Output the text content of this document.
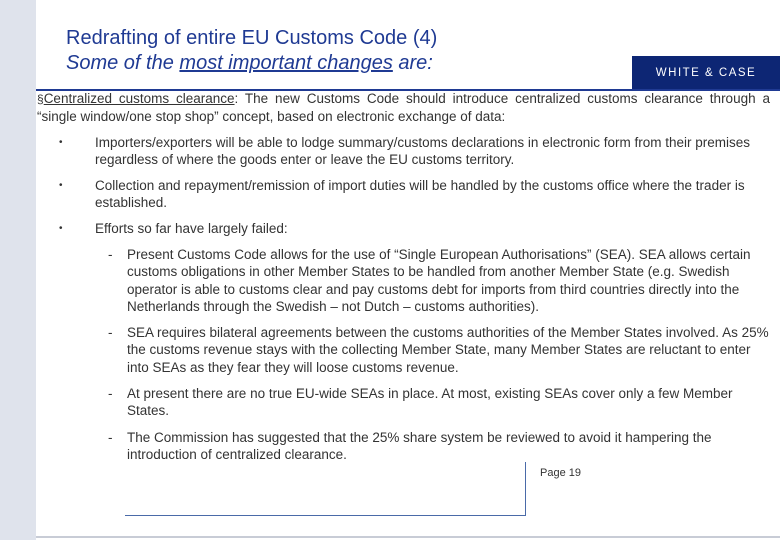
Redrafting of entire EU Customs Code (4)
Some of the most important changes are:	WHITE & CASE

§Centralized customs clearance: The new Customs Code should introduce centralized customs clearance through a “single window/one stop shop” concept, based on electronic exchange of data:

• Importers/exporters will be able to lodge summary/customs declarations in electronic form from their premises regardless of where the goods enter or leave the EU customs territory.
• Collection and repayment/remission of import duties will be handled by the customs office where the trader is established.
• Efforts so far have largely failed:
- Present Customs Code allows for the use of “Single European Authorisations” (SEA). SEA allows certain customs obligations in other Member States to be handled from another Member State (e.g. Swedish operator is able to customs clear and pay customs debt for imports from third countries directly into the Netherlands through the Swedish – not Dutch – customs authorities).
- SEA requires bilateral agreements between the customs authorities of the Member States involved. As 25% the customs revenue stays with the collecting Member State, many Member States are reluctant to enter into SEAs as they fear they will loose customs revenue.
- At present there are no true EU-wide SEAs in place. At most, existing SEAs cover only a few Member States.
- The Commission has suggested that the 25% share system be reviewed to avoid it hampering the introduction of centralized clearance.
Page 19
